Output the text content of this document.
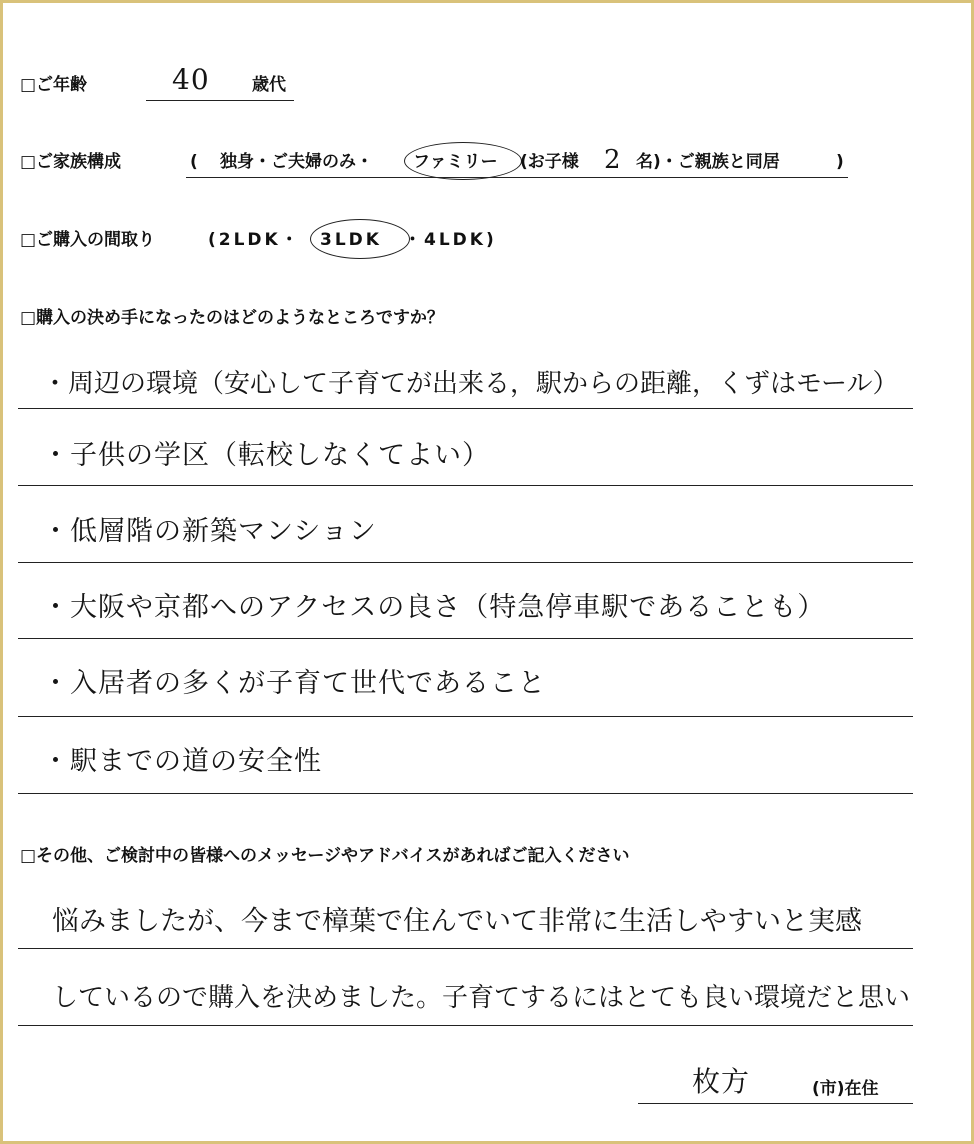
□ご年齢	40 歳代
□ご家族構成	( 独身・ご夫婦のみ・ ファミリー (お子様 2 名)・ご親族と同居	)
□ご購入の間取り	(2LDK・ 3LDK ・4LDK)
□購入の決め手になったのはどのようなところですか？
・周辺の環境（安心して子育てが出来る，駅からの距離，くずはモール）
・子供の学区（転校しなくてよい）
・低層階の新築マンション
・大阪や京都へのアクセスの良さ（特急停車駅であることも）
・入居者の多くが子育て世代であること
・駅までの道の安全性
□その他、ご検討中の皆様へのメッセージやアドバイスがあればご記入ください
悩みましたが、今まで樟葉で住んでいて非常に生活しやすいと実感
しているので購入を決めました。子育てするにはとても良い環境だと思い
枚方	(市)在住
